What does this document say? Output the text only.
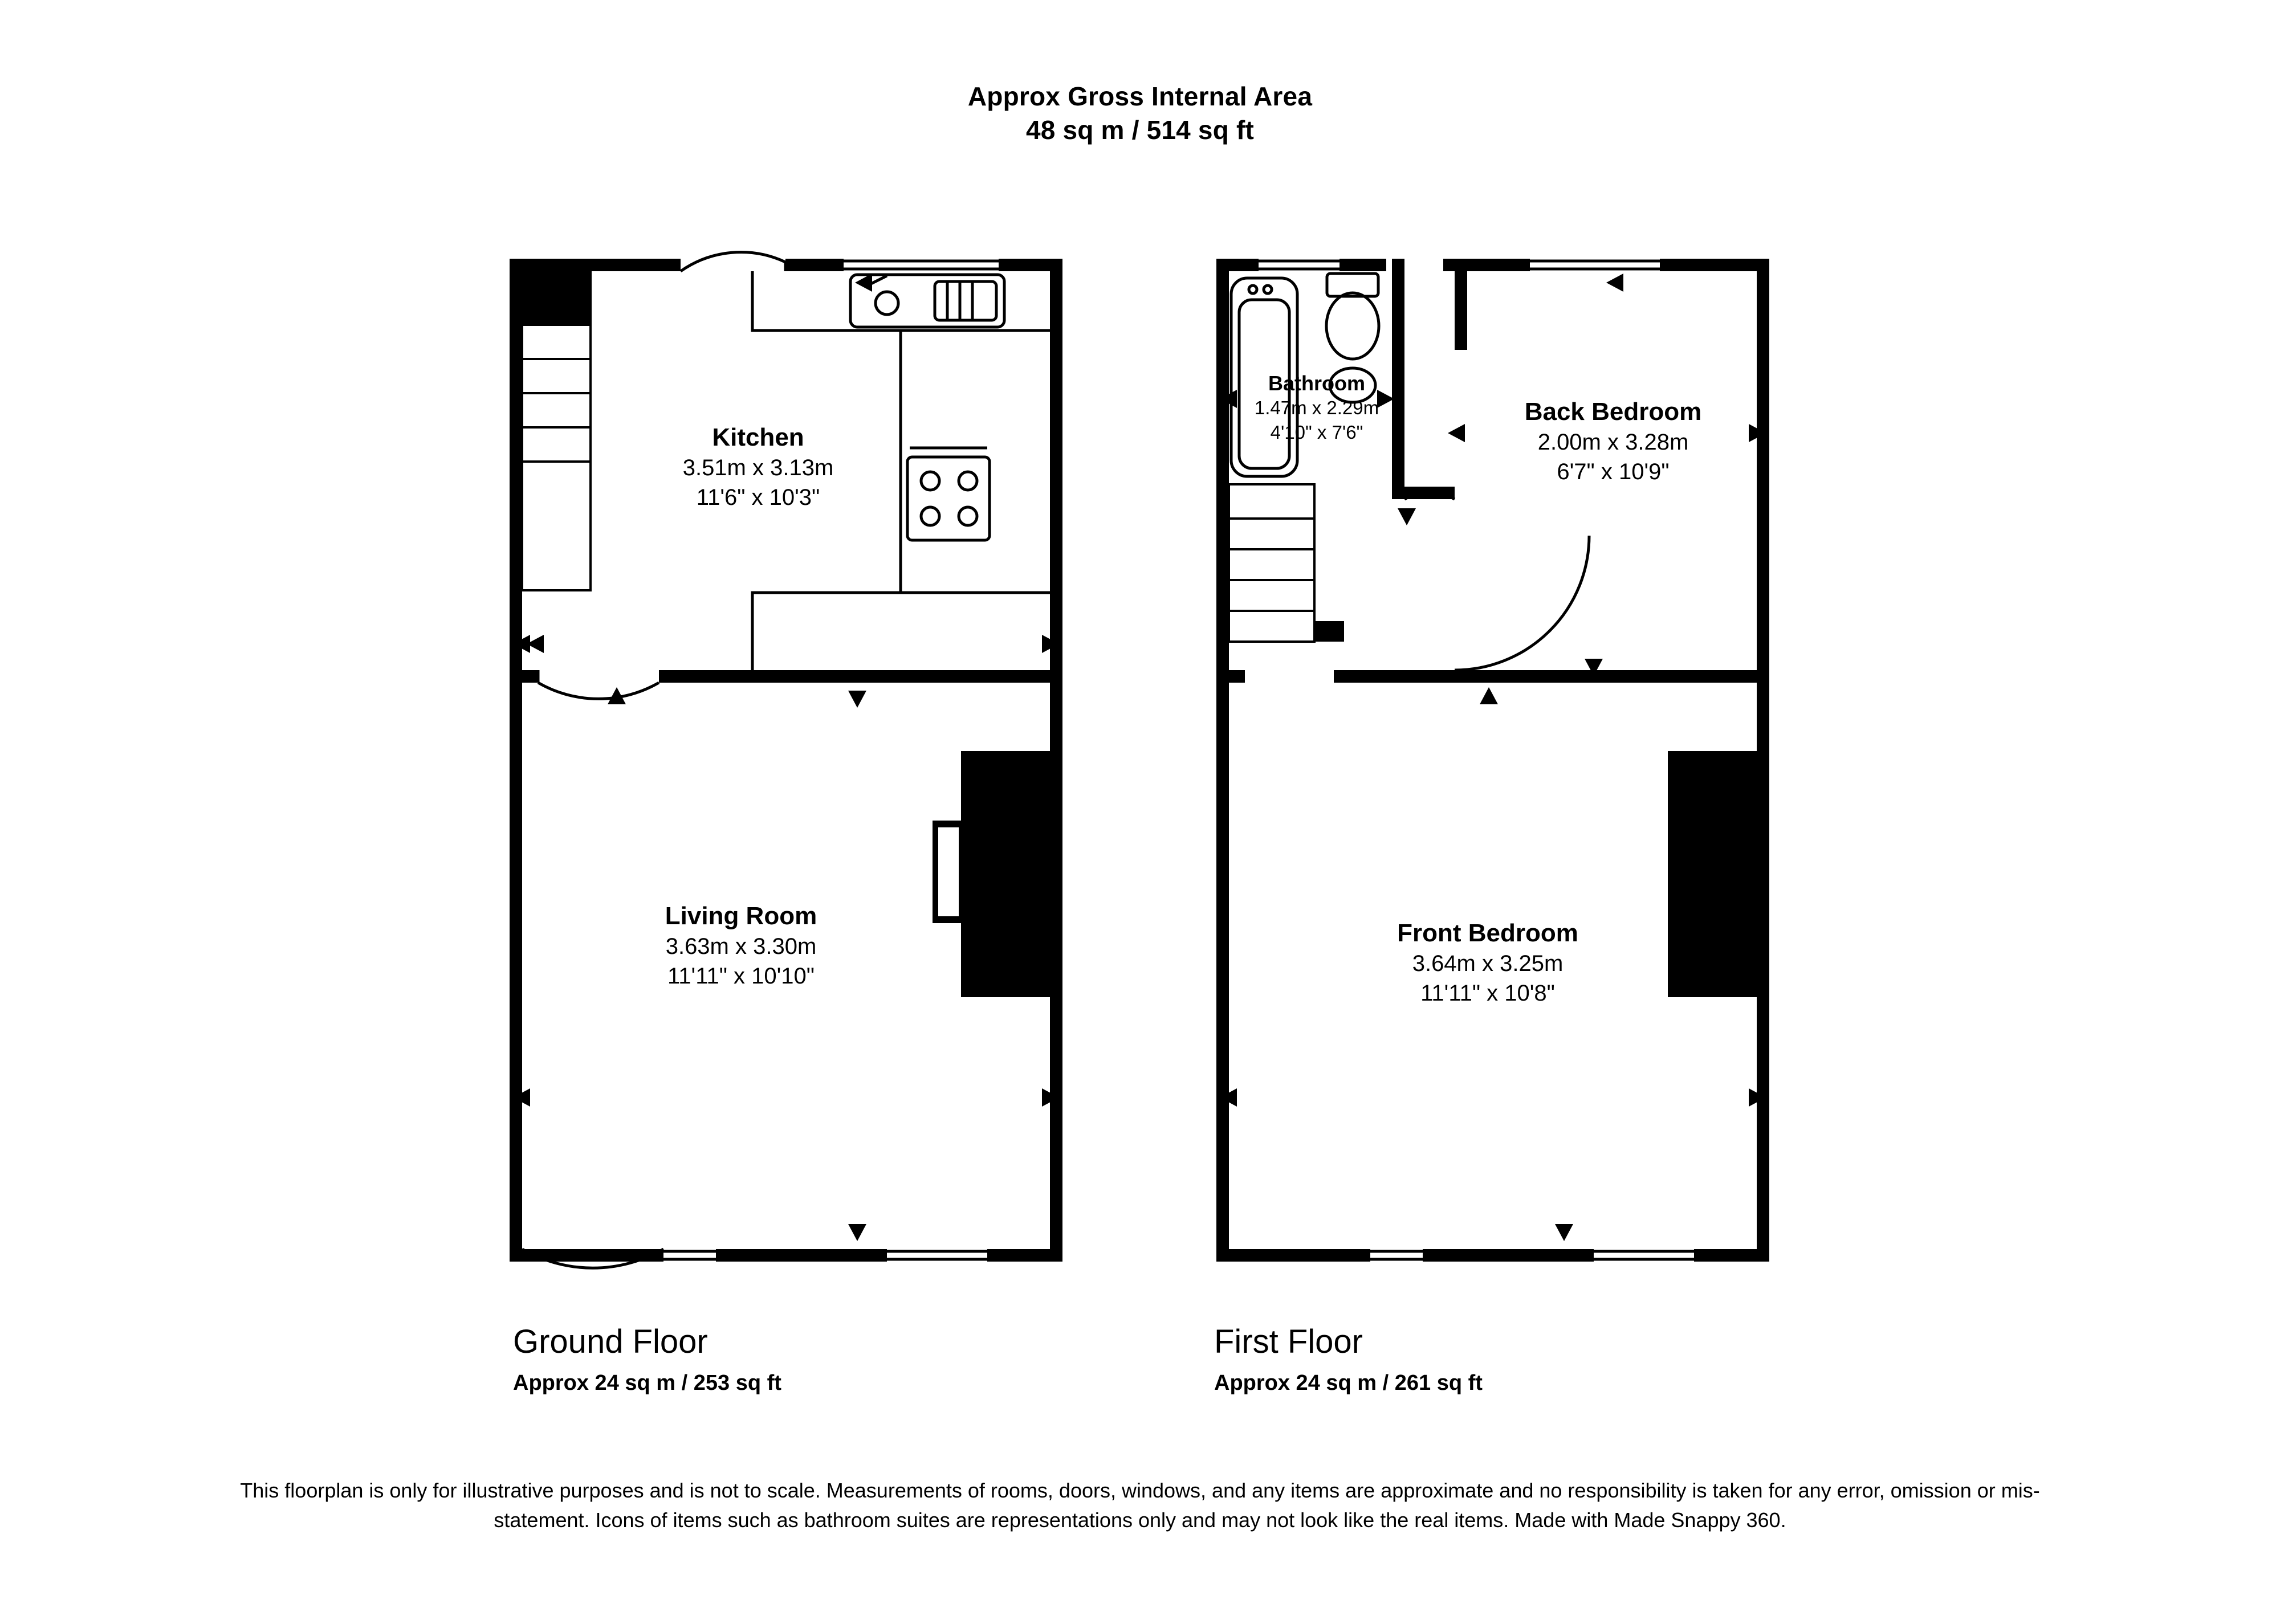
Approx Gross Internal Area
48 sq m / 514 sq ft
Kitchen
3.51m x 3.13m
11'6" x 10'3"
Living Room
3.63m x 3.30m
11'11" x 10'10"
Bathroom
1.47m x 2.29m
4'10" x 7'6"
Back Bedroom
2.00m x 3.28m
6'7" x 10'9"
Front Bedroom
3.64m x 3.25m
11'11" x 10'8"
Ground Floor
Approx 24 sq m / 253 sq ft
First Floor
Approx 24 sq m / 261 sq ft
This floorplan is only for illustrative purposes and is not to scale. Measurements of rooms, doors, windows, and any items are approximate and no responsibility is taken for any error, omission or mis-statement. Icons of items such as bathroom suites are representations only and may not look like the real items. Made with Made Snappy 360.
